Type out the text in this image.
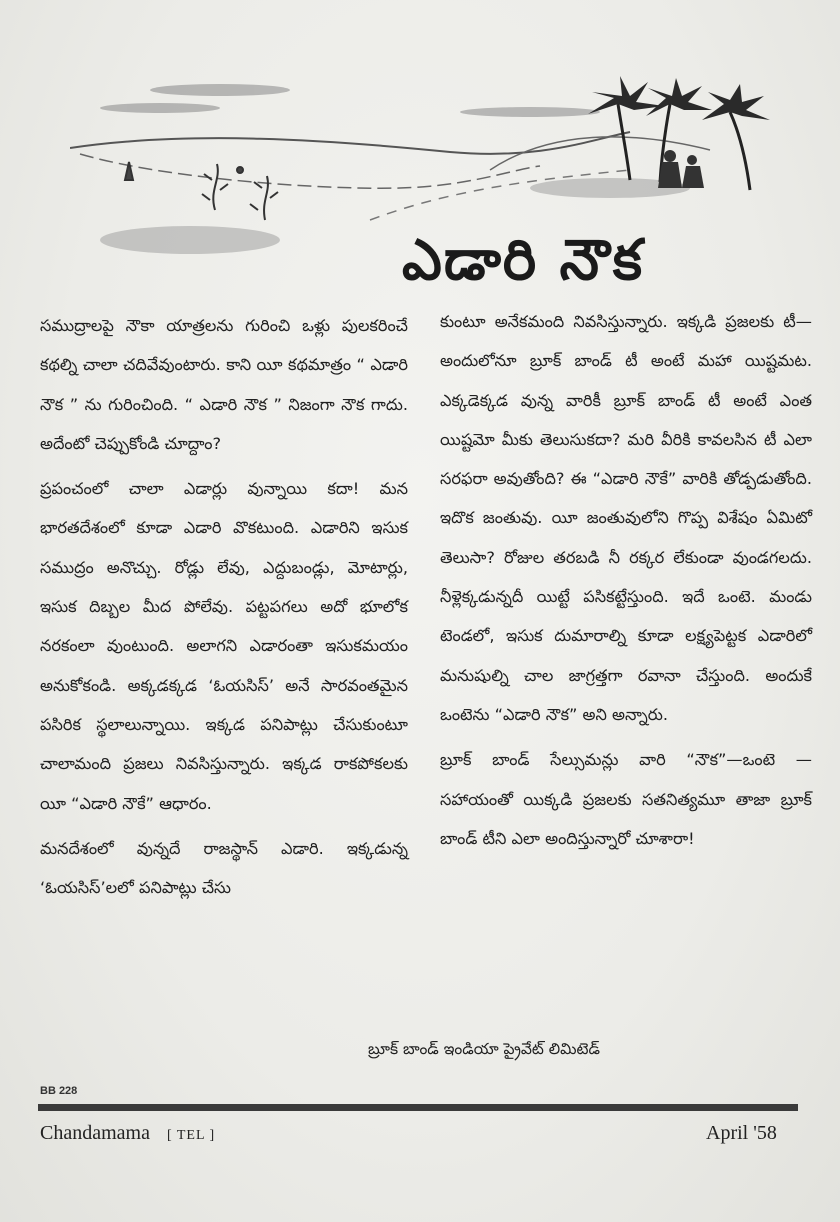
ఎడారి నౌక

సముద్రాలపై నౌకా యాత్రలను గురించి ఒళ్లు పులకరించే కథల్ని చాలా చదివేవుంటారు. కాని యీ కథమాత్రం “ ఎడారి నౌక ” ను గురించింది. “ ఎడారి నౌక ” నిజంగా నౌక గాదు. అదేంటో చెప్పుకోండి చూద్దాం?

ప్రపంచంలో చాలా ఎడార్లు వున్నాయి కదా! మన భారతదేశంలో కూడా ఎడారి వొకటుంది. ఎడారిని ఇసుక సముద్రం అనొచ్చు. రోడ్లు లేవు, ఎద్దుబండ్లు, మోటార్లు, ఇసుక దిబ్బల మీద పోలేవు. పట్టపగలు అదో భూలోక నరకంలా వుంటుంది. అలాగని ఎడారంతా ఇసుకమయం అనుకోకండి. అక్కడక్కడ ‘ఓయసిస్’ అనే సారవంతమైన పసిరిక స్థలాలున్నాయి. ఇక్కడ పనిపాట్లు చేసుకుంటూ చాలామంది ప్రజలు నివసిస్తున్నారు. ఇక్కడ రాకపోకలకు యీ “ఎడారి నౌకే” ఆధారం.

మనదేశంలో వున్నదే రాజస్థాన్ ఎడారి. ఇక్కడున్న ‘ఓయసిస్’లలో పనిపాట్లు చేసు

కుంటూ అనేకమంది నివసిస్తున్నారు. ఇక్కడి ప్రజలకు టీ—అందులోనూ బ్రూక్ బాండ్ టీ అంటే మహా యిష్టమట. ఎక్కడెక్కడ వున్న వారికీ బ్రూక్ బాండ్ టీ అంటే ఎంత యిష్టమో మీకు తెలుసుకదా? మరి వీరికి కావలసిన టీ ఎలా సరఫరా అవుతోంది? ఈ “ఎడారి నౌకే” వారికి తోడ్పడుతోంది. ఇదొక జంతువు. యీ జంతువులోని గొప్ప విశేషం ఏమిటో తెలుసా? రోజుల తరబడి నీ రక్కర లేకుండా వుండగలదు. నీళ్లెక్కడున్నదీ యిట్టే పసికట్టేస్తుంది. ఇదే ఒంటె. మండు టెండలో, ఇసుక దుమారాల్ని కూడా లక్ష్యపెట్టక ఎడారిలో మనుషుల్ని చాల జాగ్రత్తగా రవానా చేస్తుంది. అందుకే ఒంటెను “ఎడారి నౌక” అని అన్నారు.

బ్రూక్ బాండ్ సేల్సుమన్లు వారి “నౌక”—ఒంటె — సహాయంతో యిక్కడి ప్రజలకు సతనిత్యమూ తాజా బ్రూక్ బాండ్ టీని ఎలా అందిస్తున్నారో చూశారా!

బ్రూక్ బాండ్ ఇండియా ప్రైవేట్ లిమిటెడ్
BB 228
Chandamama [ TEL ]	April '58
